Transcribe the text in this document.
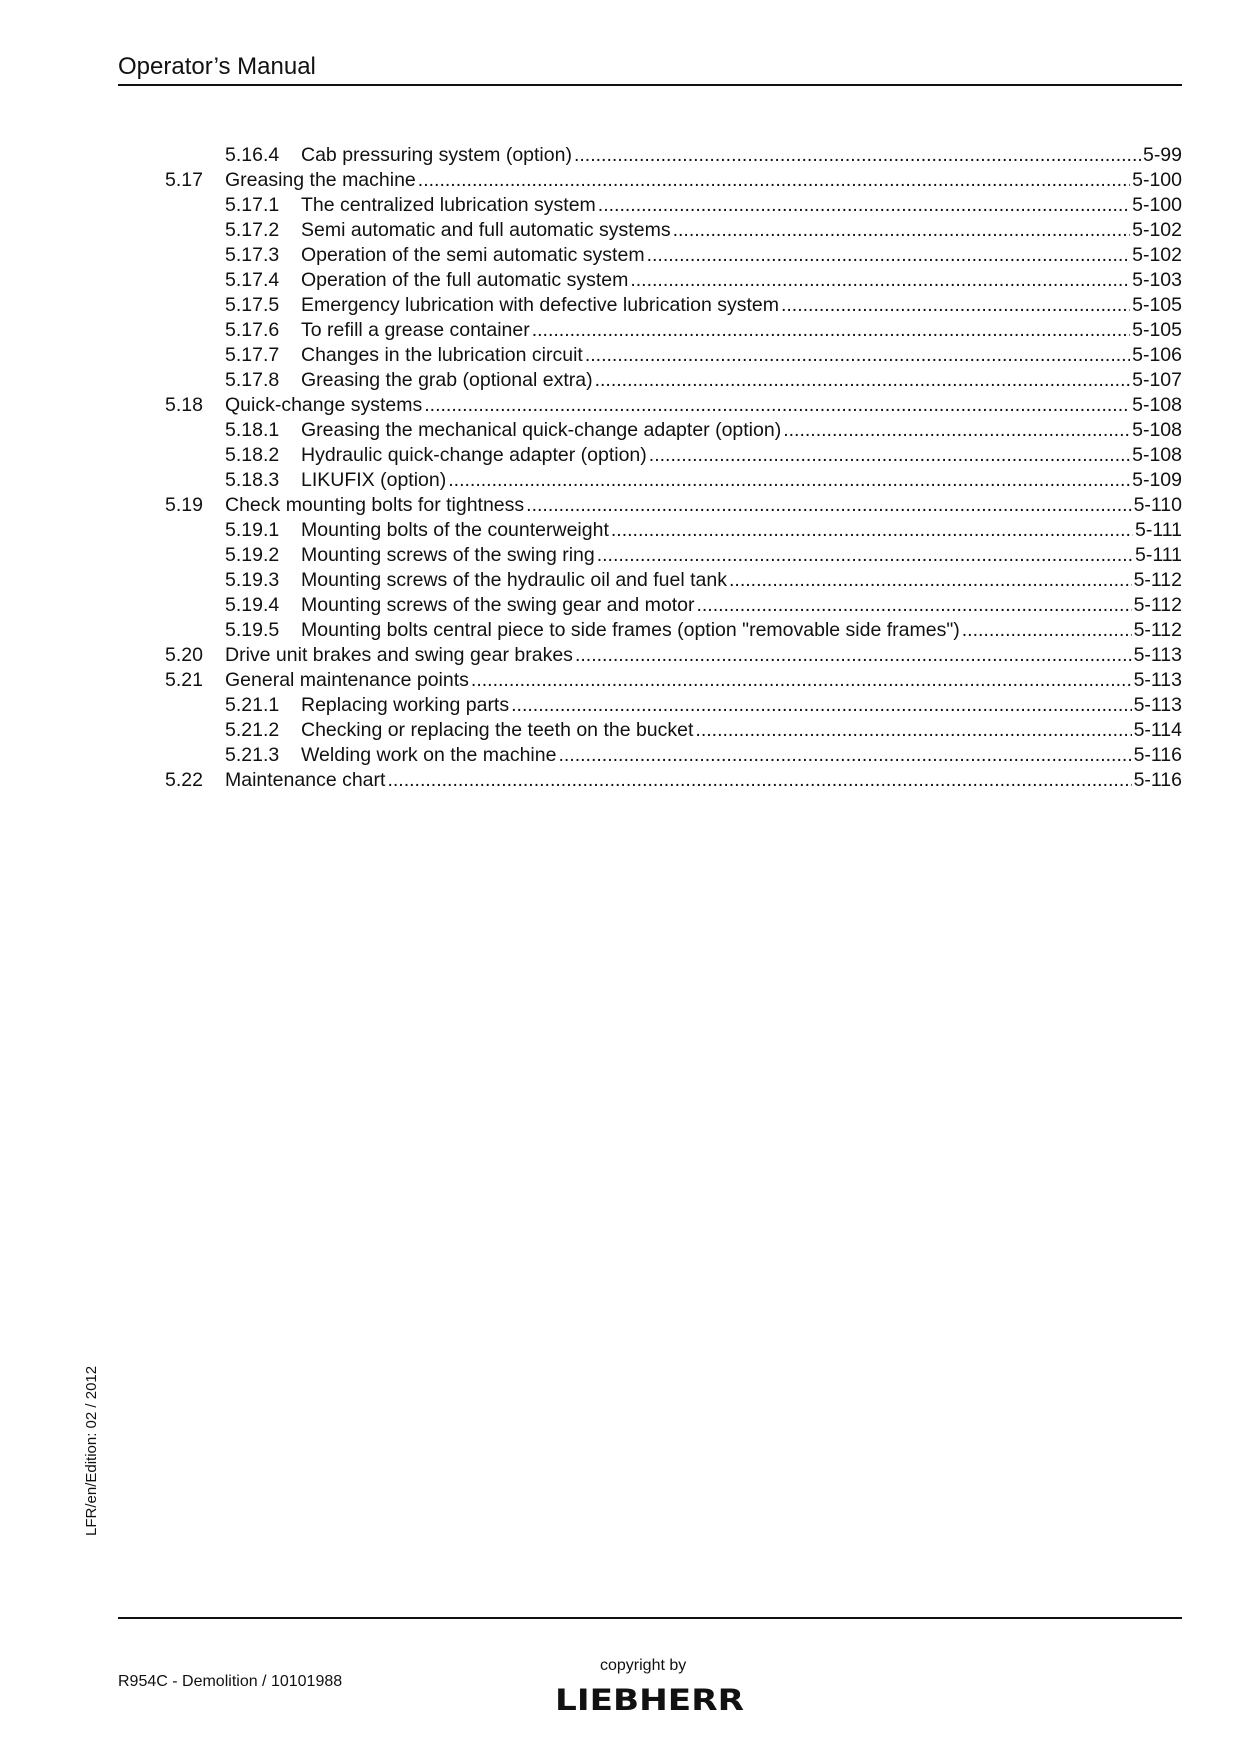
Operator’s Manual
5.16.4 Cab pressuring system (option) .....	5-99
5.17 Greasing the machine .....	5-100
5.17.1 The centralized lubrication system .....	5-100
5.17.2 Semi automatic and full automatic systems .....	5-102
5.17.3 Operation of the semi automatic system .....	5-102
5.17.4 Operation of the full automatic system .....	5-103
5.17.5 Emergency lubrication with defective lubrication system .....	5-105
5.17.6 To refill a grease container .....	5-105
5.17.7 Changes in the lubrication circuit .....	5-106
5.17.8 Greasing the grab (optional extra) .....	5-107
5.18 Quick-change systems .....	5-108
5.18.1 Greasing the mechanical quick-change adapter (option) .....	5-108
5.18.2 Hydraulic quick-change adapter (option) .....	5-108
5.18.3 LIKUFIX (option) .....	5-109
5.19 Check mounting bolts for tightness .....	5-110
5.19.1 Mounting bolts of the counterweight .....	5-111
5.19.2 Mounting screws of the swing ring .....	5-111
5.19.3 Mounting screws of the hydraulic oil and fuel tank .....	5-112
5.19.4 Mounting screws of the swing gear and motor .....	5-112
5.19.5 Mounting bolts central piece to side frames (option "removable side frames") .....	5-112
5.20 Drive unit brakes and swing gear brakes .....	5-113
5.21 General maintenance points .....	5-113
5.21.1 Replacing working parts .....	5-113
5.21.2 Checking or replacing the teeth on the bucket .....	5-114
5.21.3 Welding work on the machine .....	5-116
5.22 Maintenance chart .....	5-116
LFR/en/Edition: 02 / 2012
R954C - Demolition / 10101988
copyright by
LIEBHERR
